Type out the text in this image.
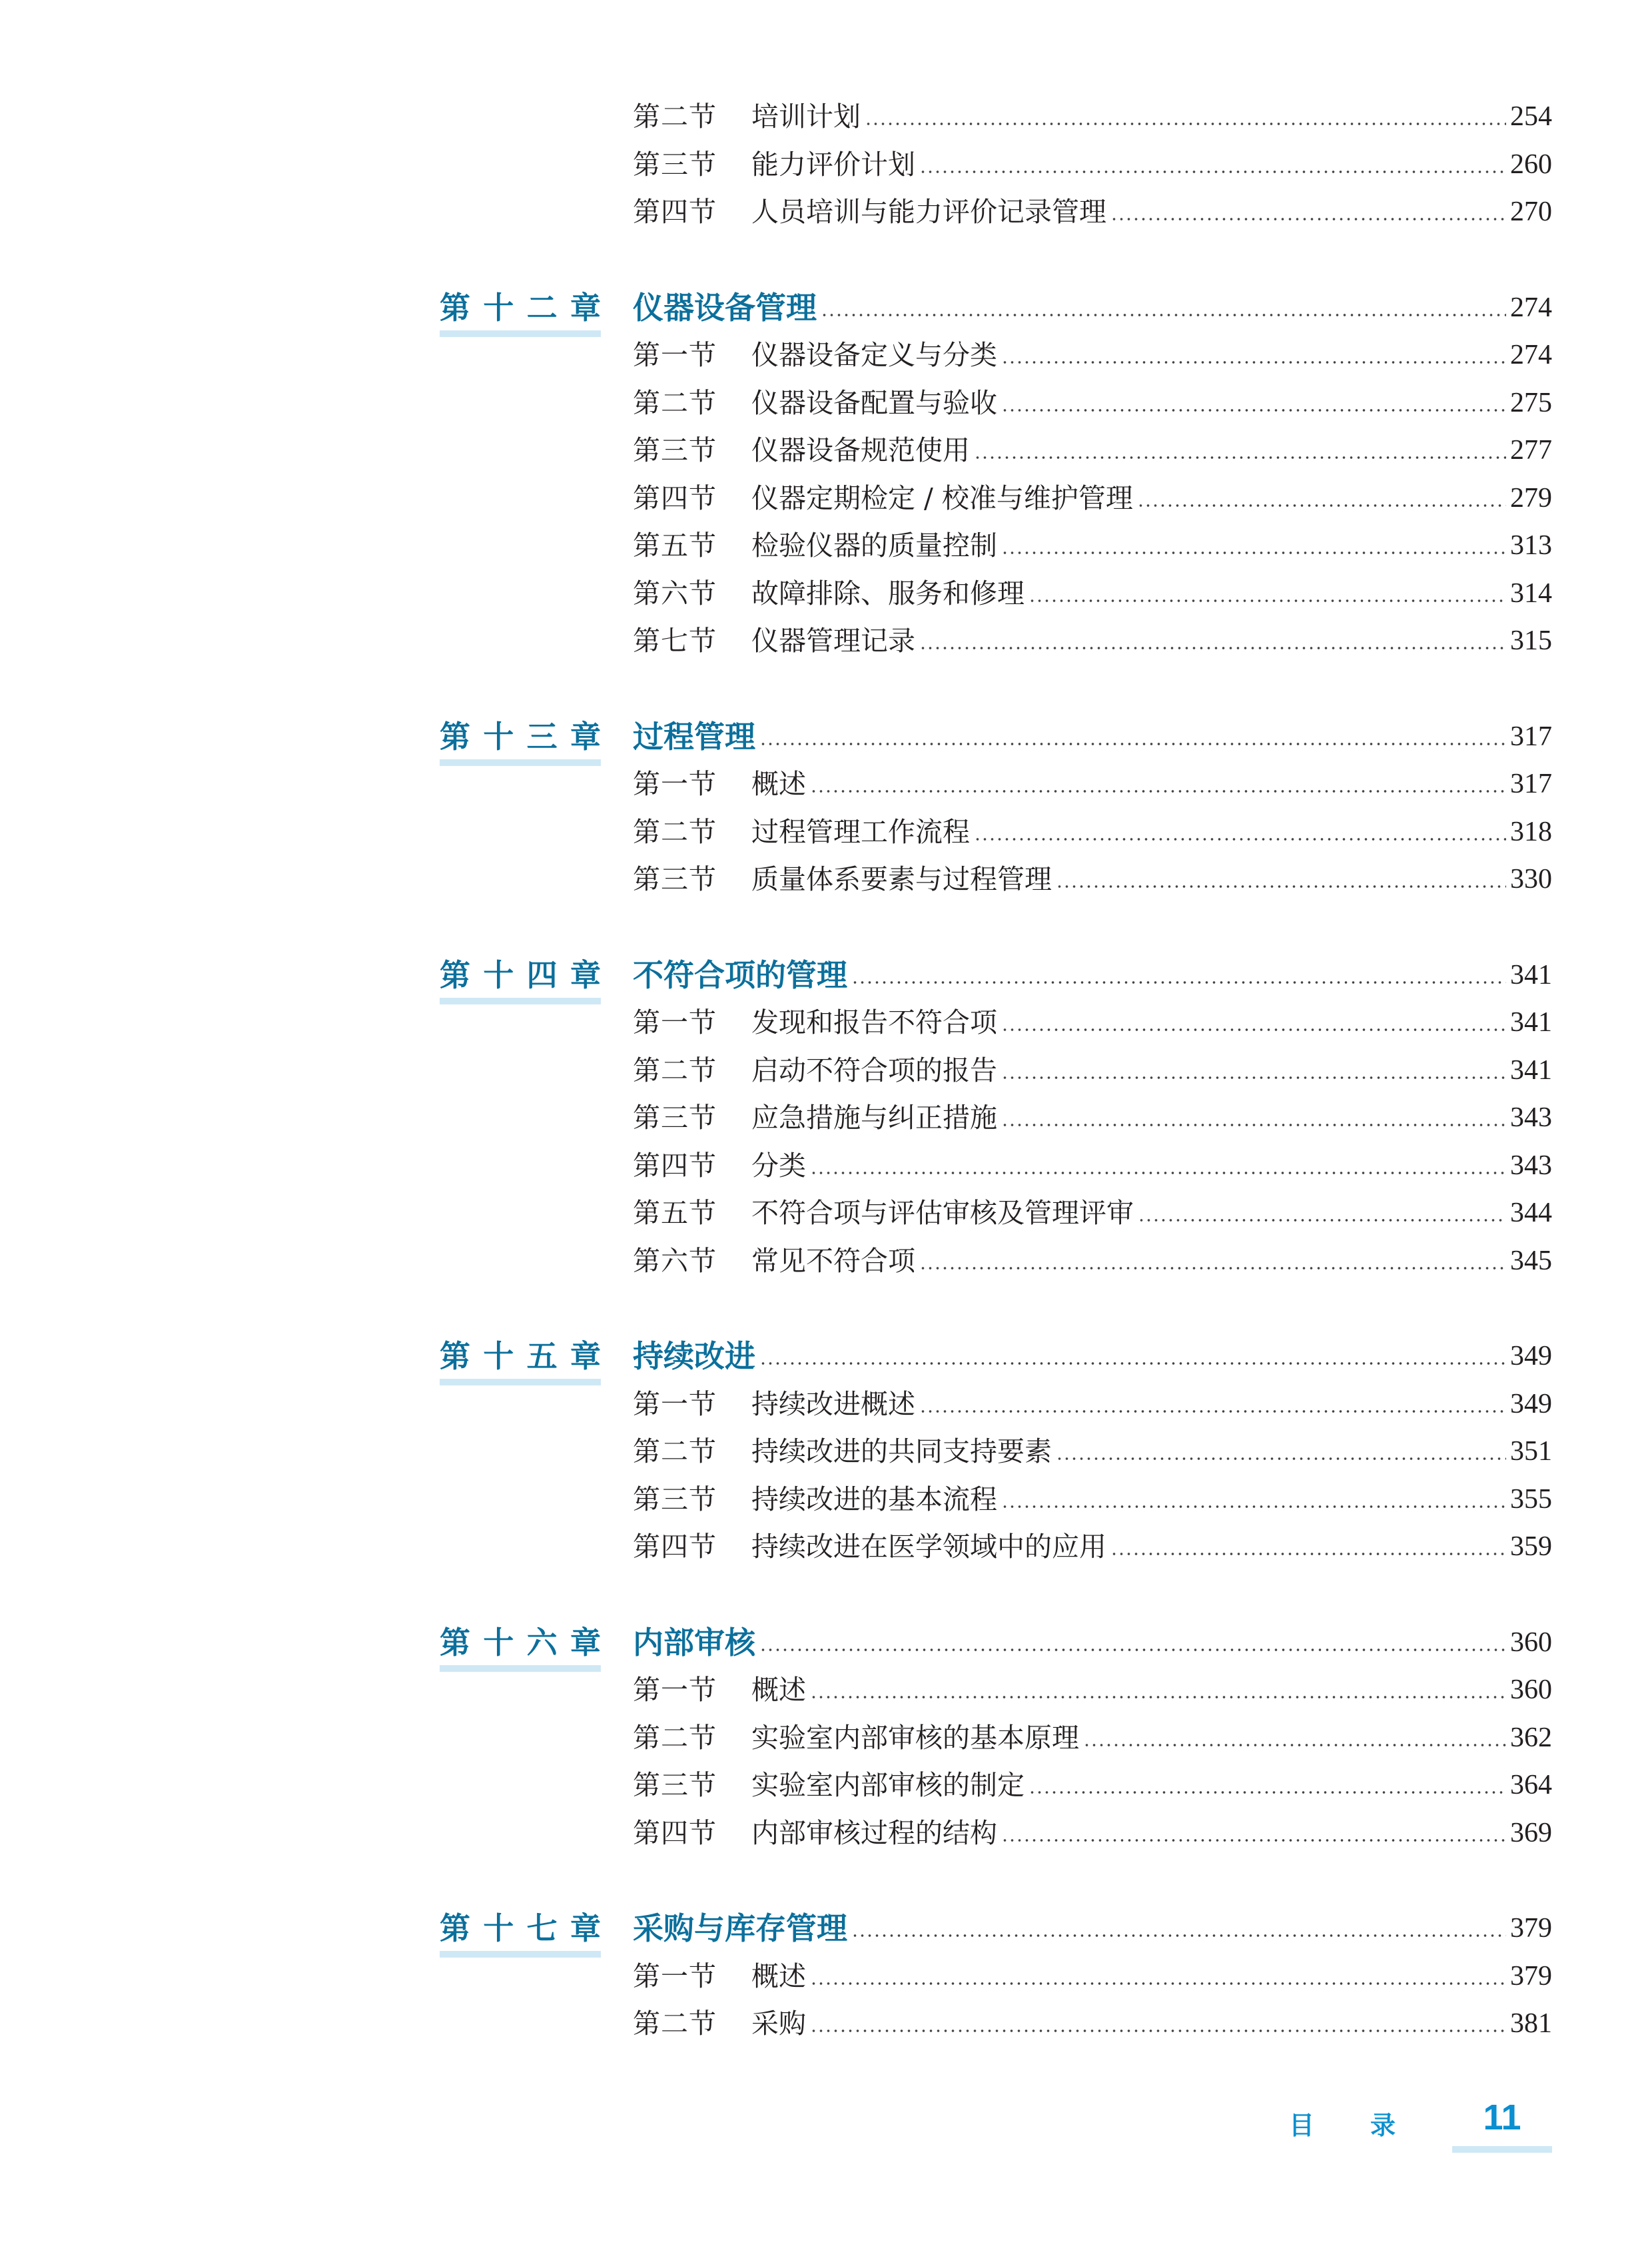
第二节	培训计划	254
第三节	能力评价计划	260
第四节	人员培训与能力评价记录管理	270
第 十 二 章 仪器设备管理	274
第一节	仪器设备定义与分类	274
第二节	仪器设备配置与验收	275
第三节	仪器设备规范使用	277
第四节	仪器定期检定 / 校准与维护管理	279
第五节	检验仪器的质量控制	313
第六节	故障排除、服务和修理	314
第七节	仪器管理记录	315
第 十 三 章 过程管理	317
第一节	概述	317
第二节	过程管理工作流程	318
第三节	质量体系要素与过程管理	330
第 十 四 章 不符合项的管理	341
第一节	发现和报告不符合项	341
第二节	启动不符合项的报告	341
第三节	应急措施与纠正措施	343
第四节	分类	343
第五节	不符合项与评估审核及管理评审	344
第六节	常见不符合项	345
第 十 五 章 持续改进	349
第一节	持续改进概述	349
第二节	持续改进的共同支持要素	351
第三节	持续改进的基本流程	355
第四节	持续改进在医学领域中的应用	359
第 十 六 章 内部审核	360
第一节	概述	360
第二节	实验室内部审核的基本原理	362
第三节	实验室内部审核的制定	364
第四节	内部审核过程的结构	369
第 十 七 章 采购与库存管理	379
第一节	概述	379
第二节	采购	381
目 录	11
